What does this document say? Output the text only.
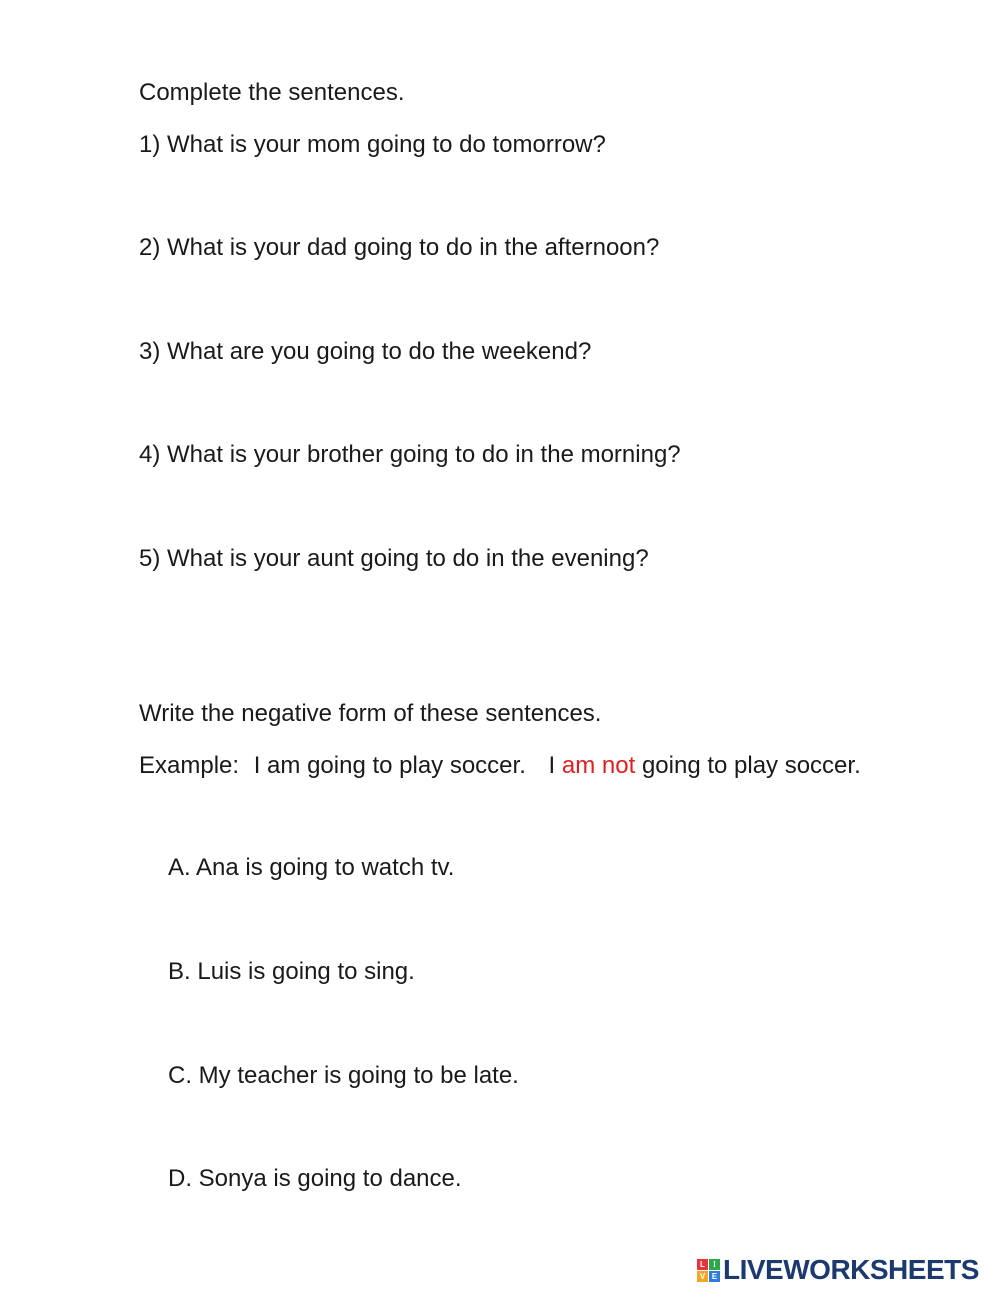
Complete the sentences.
1) What is your mom going to do tomorrow?
2) What is your dad going to do in the afternoon?
3) What are you going to do the weekend?
4) What is your brother going to do in the morning?
5) What is your aunt going to do in the evening?
Write the negative form of these sentences.
Example: I am going to play soccer. I am not going to play soccer.
A. Ana is going to watch tv.
B. Luis is going to sing.
C. My teacher is going to be late.
D. Sonya is going to dance.
L	I
V E LIVEWORKSHEETS
